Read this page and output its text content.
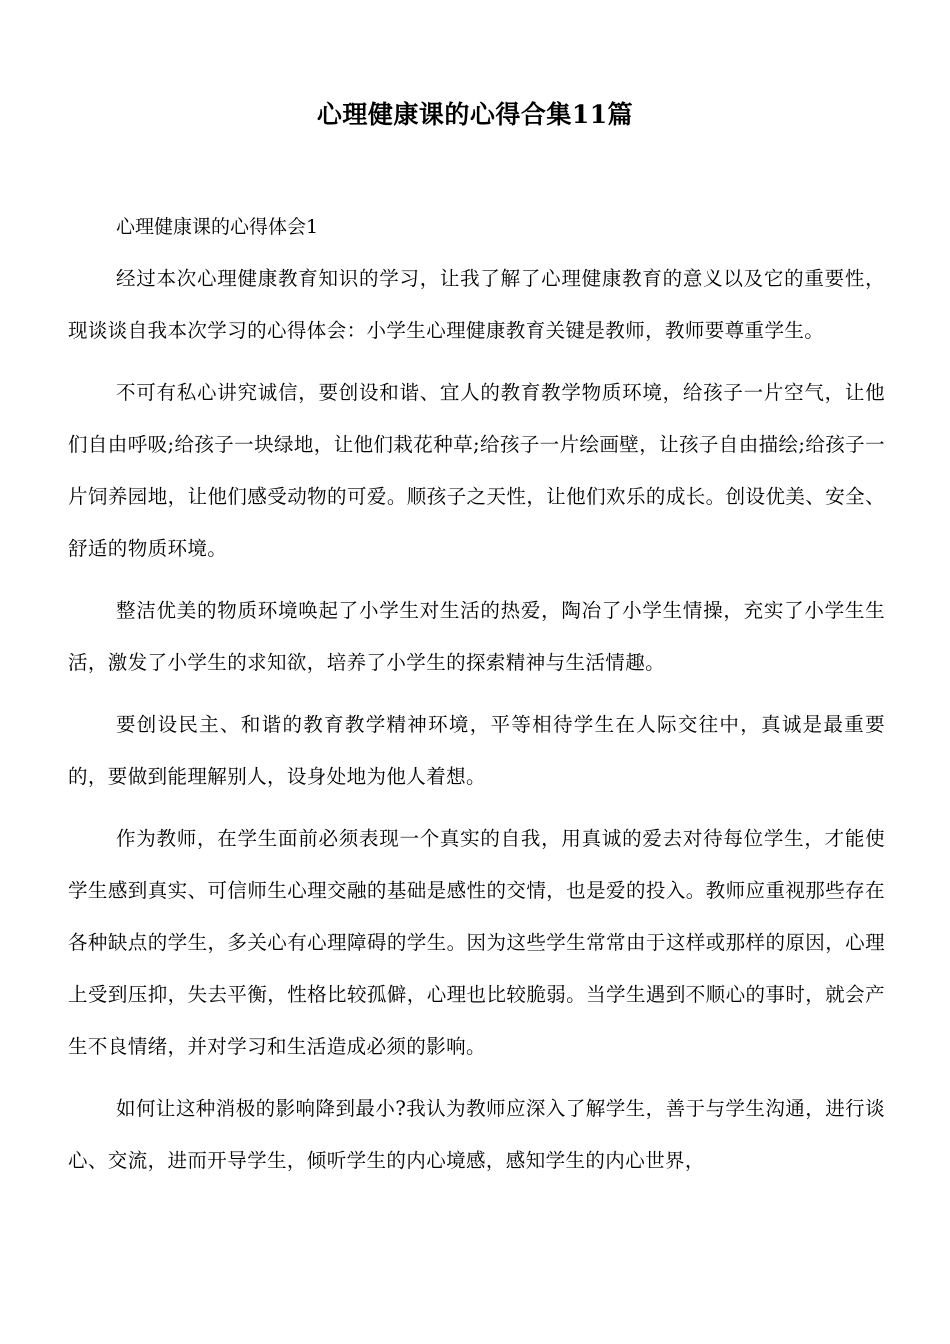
心理健康课的心得合集11篇

心理健康课的心得体会1

经过本次心理健康教育知识的学习，让我了解了心理健康教育的意义以及它的重要性，现谈谈自我本次学习的心得体会：小学生心理健康教育关键是教师，教师要尊重学生。

不可有私心讲究诚信，要创设和谐、宜人的教育教学物质环境，给孩子一片空气，让他们自由呼吸;给孩子一块绿地，让他们栽花种草;给孩子一片绘画壁，让孩子自由描绘;给孩子一片饲养园地，让他们感受动物的可爱。顺孩子之天性，让他们欢乐的成长。创设优美、安全、舒适的物质环境。

整洁优美的物质环境唤起了小学生对生活的热爱，陶冶了小学生情操，充实了小学生生活，激发了小学生的求知欲，培养了小学生的探索精神与生活情趣。

要创设民主、和谐的教育教学精神环境，平等相待学生在人际交往中，真诚是最重要的，要做到能理解别人，设身处地为他人着想。

作为教师，在学生面前必须表现一个真实的自我，用真诚的爱去对待每位学生，才能使学生感到真实、可信师生心理交融的基础是感性的交情，也是爱的投入。教师应重视那些存在各种缺点的学生，多关心有心理障碍的学生。因为这些学生常常由于这样或那样的原因，心理上受到压抑，失去平衡，性格比较孤僻，心理也比较脆弱。当学生遇到不顺心的事时，就会产生不良情绪，并对学习和生活造成必须的影响。

如何让这种消极的影响降到最小?我认为教师应深入了解学生，善于与学生沟通，进行谈心、交流，进而开导学生，倾听学生的内心境感，感知学生的内心世界，
